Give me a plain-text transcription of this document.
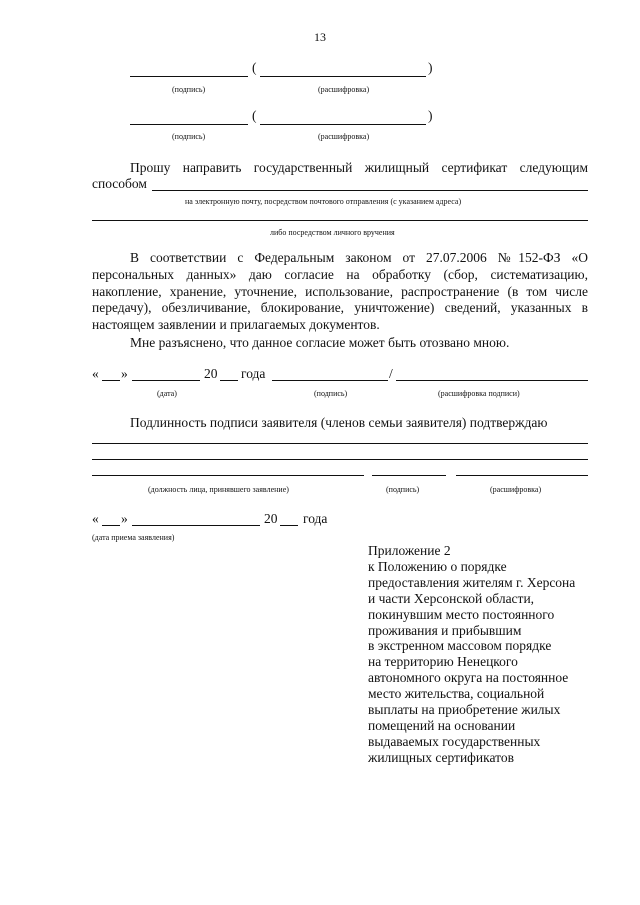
13
(	)
(подпись)	(расшифровка)
(	)
(подпись)	(расшифровка)
Прошу направить государственный жилищный сертификат следующим
способом
на электронную почту, посредством почтового отправления (с указанием адреса)
либо посредством личного вручения
В соответствии с Федеральным законом от 27.07.2006 №152-ФЗ «О персональных данных» даю согласие на обработку (сбор, систематизацию, накопление, хранение, уточнение, использование, распространение (в том числе передачу), обезличивание, блокирование, уничтожение) сведений, указанных в настоящем заявлении и прилагаемых документов.
Мне разъяснено, что данное согласие может быть отозвано мною.
« »	20 года	/
(дата)	(подпись)	(расшифровка подписи)
Подлинность подписи заявителя (членов семьи заявителя) подтверждаю
(должность лица, принявшего заявление)	(подпись)	(расшифровка)
« »	20 года
(дата приема заявления)
Приложение 2
к Положению о порядке
предоставления жителям г. Херсона
и части Херсонской области,
покинувшим место постоянного
проживания и прибывшим
в экстренном массовом порядке
на территорию Ненецкого
автономного округа на постоянное
место жительства, социальной
выплаты на приобретение жилых
помещений на основании
выдаваемых государственных
жилищных сертификатов
